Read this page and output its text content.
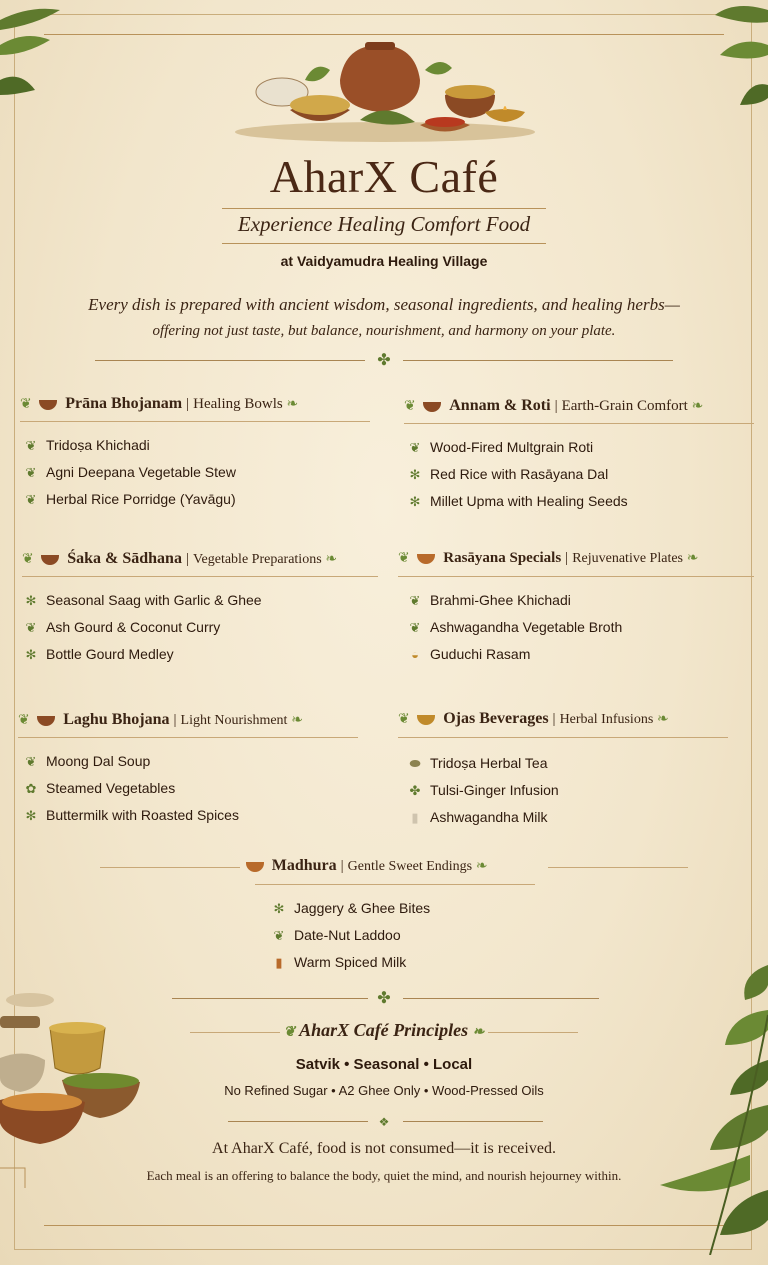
AharX Café
Experience Healing Comfort Food
at Vaidyamudra Healing Village
Every dish is prepared with ancient wisdom, seasonal ingredients, and healing herbs—
offering not just taste, but balance, nourishment, and harmony on your plate.
✤
❦ Prāna Bhojanam | Healing Bowls ❧
❦ Tridoṣa Khichadi
❦ Agni Deepana Vegetable Stew
❦ Herbal Rice Porridge (Yavāgu)
❦ Annam & Roti | Earth-Grain Comfort ❧
❦ Wood-Fired Multgrain Roti
✻ Red Rice with Rasāyana Dal
✻ Millet Upma with Healing Seeds
❦ Śaka & Sādhana | Vegetable Preparations ❧
✻ Seasonal Saag with Garlic & Ghee
❦ Ash Gourd & Coconut Curry
✻ Bottle Gourd Medley
❦ Rasāyana Specials | Rejuvenative Plates ❧
❦ Brahmi-Ghee Khichadi
❦ Ashwagandha Vegetable Broth
◒ Guduchi Rasam
❦ Laghu Bhojana | Light Nourishment ❧
❦ Moong Dal Soup
✿ Steamed Vegetables
✻ Buttermilk with Roasted Spices
❦ Ojas Beverages | Herbal Infusions ❧
⬬ Tridoṣa Herbal Tea
✤ Tulsi-Ginger Infusion
▮ Ashwagandha Milk
Madhura | Gentle Sweet Endings ❧
✻ Jaggery & Ghee Bites
❦ Date-Nut Laddoo
▮ Warm Spiced Milk
✤
❦ AharX Café Principles ❧
Satvik • Seasonal • Local
No Refined Sugar • A2 Ghee Only • Wood-Pressed Oils
❖
At AharX Café, food is not consumed—it is received.
Each meal is an offering to balance the body, quiet the mind, and nourish hejourney within.
